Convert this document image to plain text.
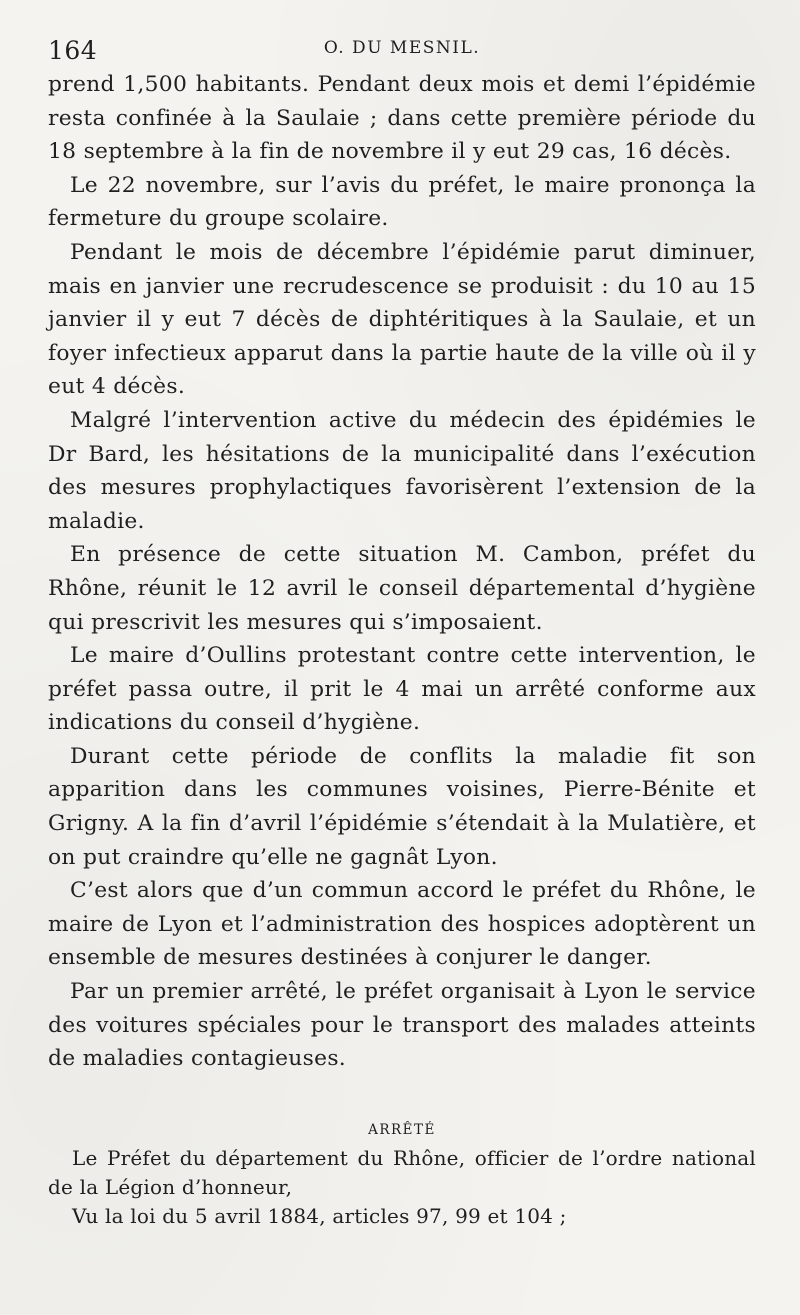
164	O. DU MESNIL.

prend 1,500 habitants. Pendant deux mois et demi l’épidémie resta confinée à la Saulaie ; dans cette première période du 18 septembre à la fin de novembre il y eut 29 cas, 16 décès.

Le 22 novembre, sur l’avis du préfet, le maire prononça la fermeture du groupe scolaire.

Pendant le mois de décembre l’épidémie parut diminuer, mais en janvier une recrudescence se produisit : du 10 au 15 janvier il y eut 7 décès de diphtéritiques à la Saulaie, et un foyer infectieux apparut dans la partie haute de la ville où il y eut 4 décès.

Malgré l’intervention active du médecin des épidémies le Dr Bard, les hésitations de la municipalité dans l’exécution des mesures prophylactiques favorisèrent l’extension de la maladie.

En présence de cette situation M. Cambon, préfet du Rhône, réunit le 12 avril le conseil départemental d’hygiène qui prescrivit les mesures qui s’imposaient.

Le maire d’Oullins protestant contre cette intervention, le préfet passa outre, il prit le 4 mai un arrêté conforme aux indications du conseil d’hygiène.

Durant cette période de conflits la maladie fit son apparition dans les communes voisines, Pierre-Bénite et Grigny. A la fin d’avril l’épidémie s’étendait à la Mulatière, et on put craindre qu’elle ne gagnât Lyon.

C’est alors que d’un commun accord le préfet du Rhône, le maire de Lyon et l’administration des hospices adoptèrent un ensemble de mesures destinées à conjurer le danger.

Par un premier arrêté, le préfet organisait à Lyon le service des voitures spéciales pour le transport des malades atteints de maladies contagieuses.

ARRÊTÉ

Le Préfet du département du Rhône, officier de l’ordre national de la Légion d’honneur,

Vu la loi du 5 avril 1884, articles 97, 99 et 104 ;
